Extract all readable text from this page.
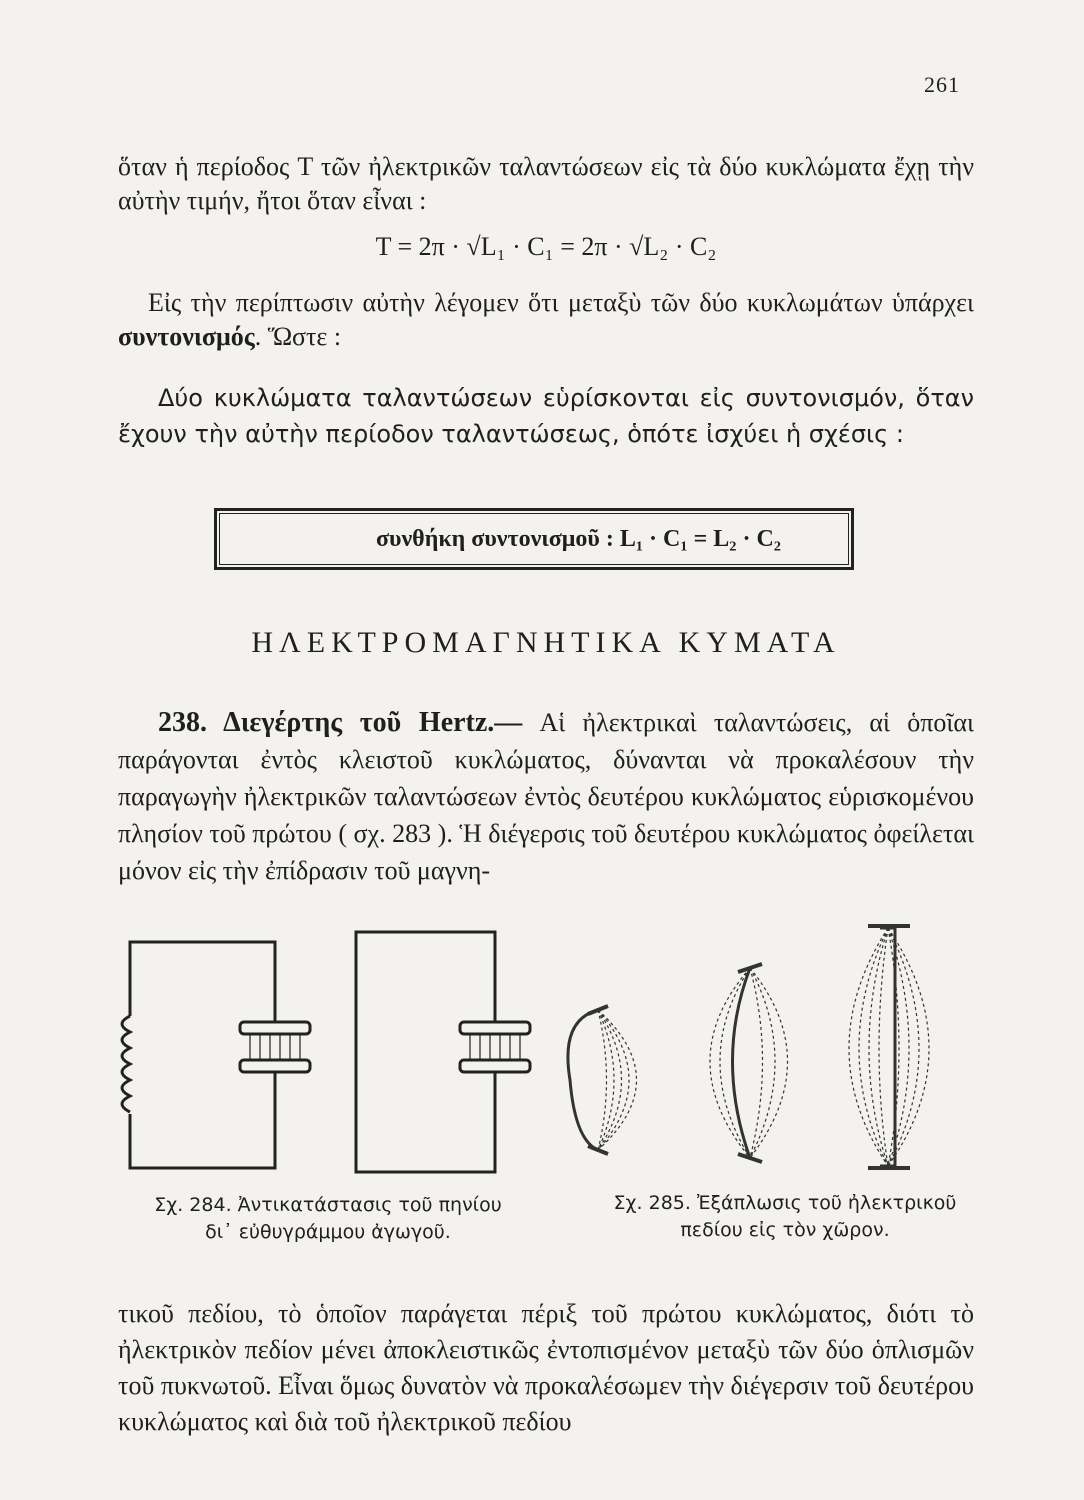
261
ὅταν ἡ περίοδος T τῶν ἠλεκτρικῶν ταλαντώσεων εἰς τὰ δύο κυκλώματα ἔχῃ τὴν αὐτὴν τιμήν, ἤτοι ὅταν εἶναι :
T = 2π · √L₁ · C₁ = 2π · √L₂ · C₂
Εἰς τὴν περίπτωσιν αὐτὴν λέγομεν ὅτι μεταξὺ τῶν δύο κυκλωμάτων ὑπάρχει συντονισμός. Ὥστε :
Δύο κυκλώματα ταλαντώσεων εὑρίσκονται εἰς συντονισμόν, ὅταν ἔχουν τὴν αὐτὴν περίοδον ταλαντώσεως, ὁπότε ἰσχύει ἡ σχέσις :
συνθήκη συντονισμοῦ : L₁ · C₁ = L₂ · C₂
ΗΛΕΚΤΡΟΜΑΓΝΗΤΙΚΑ ΚΥΜΑΤΑ
238. Διεγέρτης τοῦ Hertz.— Αἱ ἠλεκτρικαὶ ταλαντώσεις, αἱ ὁποῖαι παράγονται ἐντὸς κλειστοῦ κυκλώματος, δύνανται νὰ προκαλέσουν τὴν παραγωγὴν ἠλεκτρικῶν ταλαντώσεων ἐντὸς δευτέρου κυκλώματος εὑρισκομένου πλησίον τοῦ πρώτου ( σχ. 283 ). Ἡ διέγερσις τοῦ δευτέρου κυκλώματος ὀφείλεται μόνον εἰς τὴν ἐπίδρασιν τοῦ μαγνη-
Σχ. 284. Ἀντικατάστασις τοῦ πηνίου
δι᾿ εὐθυγράμμου ἀγωγοῦ.
Σχ. 285. Ἐξάπλωσις τοῦ ἠλεκτρικοῦ
πεδίου εἰς τὸν χῶρον.
τικοῦ πεδίου, τὸ ὁποῖον παράγεται πέριξ τοῦ πρώτου κυκλώματος, διότι τὸ ἠλεκτρικὸν πεδίον μένει ἀποκλειστικῶς ἐντοπισμένον μεταξὺ τῶν δύο ὁπλισμῶν τοῦ πυκνωτοῦ. Εἶναι ὅμως δυνατὸν νὰ προκαλέσωμεν τὴν διέγερσιν τοῦ δευτέρου κυκλώματος καὶ διὰ τοῦ ἠλεκτρικοῦ πεδίου
